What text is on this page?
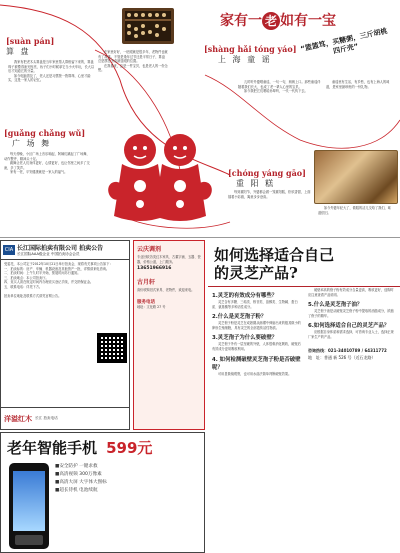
家有一 老 如有一宝
[suàn pán]
算 盘

我家有把老木头算盘是当年家里帮人算账留下来的，算盘珠子被摸得油光锃亮，孩子们小时候拿它当小火车玩，长大以后才知道它的分量。

如今电脑普及了，老人还是习惯拨一拨算珠，心里才踏实，这是一家人的记忆。

在家里好好，一眨眼就是很多年，老物件也就有了故事。不管是逢年过节还是平常日子，算盘总是摆在书桌最显眼的位置。

在我看来，这是一件宝贝，也是老人的一份念想。

[shàng hǎi tóng yáo]
上 海 童 谣
“篮篮笃，买糖粥，三斤胡桃四斤壳”

儿时听外婆唱童谣，一句一句，朗朗上口。那些童谣伴随着我们长大，也成了老一辈人心里的宝贝。

如今我把它们唱给孙辈听，一代一代传下去。

童谣里有生活，有乡愁，也有上海人的味道，是家里最珍贵的一份礼物。

[guǎng chǎng wǔ]
广 场 舞

每天傍晚，小区广场上音乐响起，阿姨们跳起了广场舞，动作整齐，精神头十足。

跳舞让老人们身体更好，心情更好，也让邻里之间多了交流，多了笑声。

家有一老，平安健康就是一家人的福气。	[chóng yáng gāo]
重 阳 糕

每到重阳节，外婆都会做一笼重阳糕，松软香甜，上面插着小彩旗，寓意步步登高。

如今外婆年纪大了，做糕的活儿交给了我们，味道依旧。

CIA 长江国际拍卖有限公司 拍卖公告
长江国际AAA级企业 中国拍卖协会会员
受委托，本公司定于2012年10月21日举行拍卖会，现将有关事项公告如下：
一、拍卖标的：房产、车辆、机器设备及其他资产一批，详情请来电咨询。
二、拍卖时间：上午九时半开始，预展时间另行通知。
三、拍卖地点：本公司拍卖厅。
四、竞买人须在规定时间内办理竞买登记手续，并交纳保证金。
五、联系电话：详见下方。
拍卖单位地址及联系方式请见官网公告。
洋溢红木 长江 拍卖电话
云庆调剂
专业回收各类红木家具、古董字画、玉器、瓷器，价格公道，上门服务。
13651966916
古月轩
高价收购旧式家具、老物件，欢迎来电。
服务电话
地址：文化路 27 号
如何选择适合自己
的灵芝产品?
1.灵芝的有效成分有哪些？

灵芝含有多糖、三萜类、核苷类、甾醇类、生物碱、蛋白质、氨基酸等多种活性成分。

2.什么是灵芝孢子粉？

灵芝孢子粉是灵芝在成熟期从菌褶中弹射出来的极其微小的卵形生殖细胞，具有灵芝的全部遗传活性物质。

3.灵芝孢子为什么要破壁？

灵芝孢子外有一层坚硬的外壁，人体很难消化吸收，破壁后有效成分更易吸收利用。

4. 如何检测破壁灵芝孢子粉是否破壁呢？

可用显微镜观察，也可用水溶法简单判断破壁效果。

破壁率高的孢子粉有效成分含量更高，吸收更好，选购时应注意查看产品说明。

5.什么是灵芝孢子油？

灵芝孢子油是从破壁灵芝孢子粉中提取的油脂成分，浓缩了孢子的精华。

6.如何选择适合自己的灵芝产品？

应根据自身体质和需求选择，可咨询专业人士，选择正规厂家生产的产品。

咨询热线：021-34010789 / 64311772
地　址：普通 新 526 号（近石龙路）
老年智能手机 599元
■安全防护 一键求救
■高清视频 300万像素
■高清大屏 大字体大图标
■超长待机 电池续航
